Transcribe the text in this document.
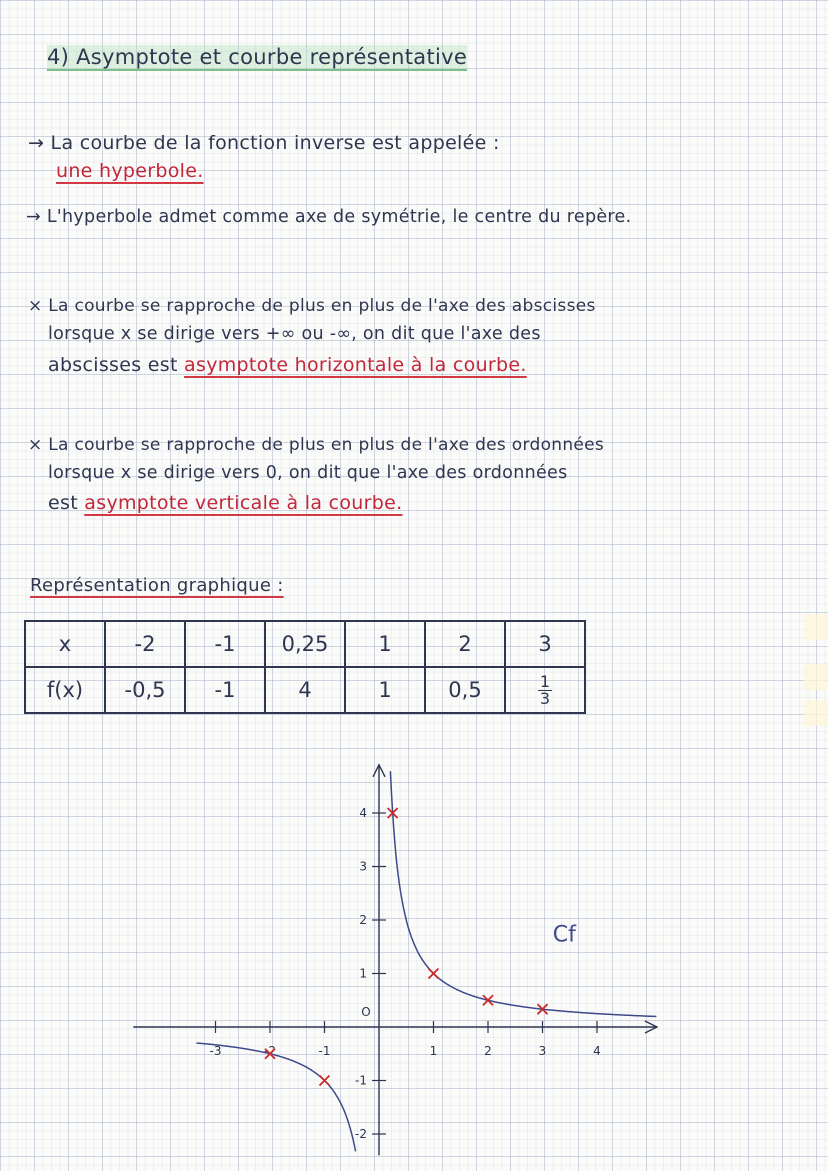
4) Asymptote et courbe représentative
→ La courbe de la fonction inverse est appelée :
une hyperbole.
→ L'hyperbole admet comme axe de symétrie, le centre du repère.
× La courbe se rapproche de plus en plus de l'axe des abscisses
lorsque x se dirige vers +∞ ou -∞, on dit que l'axe des
abscisses est asymptote horizontale à la courbe.
× La courbe se rapproche de plus en plus de l'axe des ordonnées
lorsque x se dirige vers 0, on dit que l'axe des ordonnées
est asymptote verticale à la courbe.
Représentation graphique :
x	-2	-1	0,25	1	2	3
f(x)	-0,5	-1	4	1	0,5	$\frac{1}{3}$
-3	-2	-1	1	2	3	4
-2
-1
1
2
3
4
O
Cf
